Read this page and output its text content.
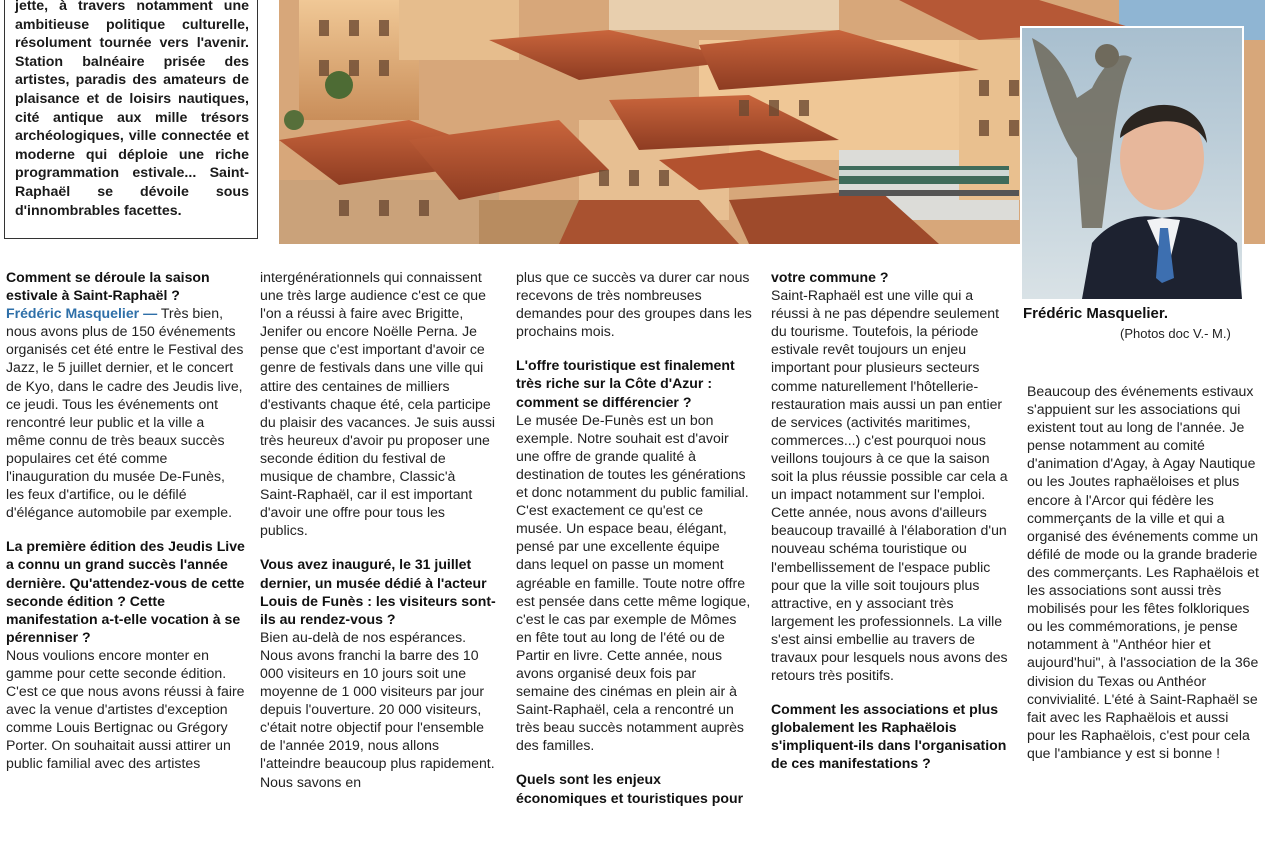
jette, à travers notamment une ambitieuse politique culturelle, résolument tournée vers l'avenir. Station balnéaire prisée des artistes, paradis des amateurs de plaisance et de loisirs nautiques, cité antique aux mille trésors archéologiques, ville connectée et moderne qui déploie une riche programmation estivale... Saint-Raphaël se dévoile sous d'innombrables facettes.

Frédéric Masquelier.
(Photos doc V.- M.)

Comment se déroule la saison estivale à Saint-Raphaël ?

Frédéric Masquelier — Très bien, nous avons plus de 150 événements organisés cet été entre le Festival des Jazz, le 5 juillet dernier, et le concert de Kyo, dans le cadre des Jeudis live, ce jeudi. Tous les événements ont rencontré leur public et la ville a même connu de très beaux succès populaires cet été comme l'inauguration du musée De-Funès, les feux d'artifice, ou le défilé d'élégance automobile par exemple.

La première édition des Jeudis Live a connu un grand succès l'année dernière. Qu'attendez-vous de cette seconde édition ? Cette manifestation a-t-elle vocation à se pérenniser ?

Nous voulions encore monter en gamme pour cette seconde édition. C'est ce que nous avons réussi à faire avec la venue d'artistes d'exception comme Louis Bertignac ou Grégory Porter. On souhaitait aussi attirer un public familial avec des artistes

intergénérationnels qui connaissent une très large audience c'est ce que l'on a réussi à faire avec Brigitte, Jenifer ou encore Noëlle Perna. Je pense que c'est important d'avoir ce genre de festivals dans une ville qui attire des centaines de milliers d'estivants chaque été, cela participe du plaisir des vacances. Je suis aussi très heureux d'avoir pu proposer une seconde édition du festival de musique de chambre, Classic'à Saint-Raphaël, car il est important d'avoir une offre pour tous les publics.

Vous avez inauguré, le 31 juillet dernier, un musée dédié à l'acteur Louis de Funès : les visiteurs sont-ils au rendez-vous ?

Bien au-delà de nos espérances. Nous avons franchi la barre des 10 000 visiteurs en 10 jours soit une moyenne de 1 000 visiteurs par jour depuis l'ouverture. 20 000 visiteurs, c'était notre objectif pour l'ensemble de l'année 2019, nous allons l'atteindre beaucoup plus rapidement. Nous savons en

plus que ce succès va durer car nous recevons de très nombreuses demandes pour des groupes dans les prochains mois.

L'offre touristique est finalement très riche sur la Côte d'Azur : comment se différencier ?

Le musée De-Funès est un bon exemple. Notre souhait est d'avoir une offre de grande qualité à destination de toutes les générations et donc notamment du public familial. C'est exactement ce qu'est ce musée. Un espace beau, élégant, pensé par une excellente équipe dans lequel on passe un moment agréable en famille. Toute notre offre est pensée dans cette même logique, c'est le cas par exemple de Mômes en fête tout au long de l'été ou de Partir en livre. Cette année, nous avons organisé deux fois par semaine des cinémas en plein air à Saint-Raphaël, cela a rencontré un très beau succès notamment auprès des familles.

Quels sont les enjeux économiques et touristiques pour

votre commune ?

Saint-Raphaël est une ville qui a réussi à ne pas dépendre seulement du tourisme. Toutefois, la période estivale revêt toujours un enjeu important pour plusieurs secteurs comme naturellement l'hôtellerie-restauration mais aussi un pan entier de services (activités maritimes, commerces...) c'est pourquoi nous veillons toujours à ce que la saison soit la plus réussie possible car cela a un impact notamment sur l'emploi. Cette année, nous avons d'ailleurs beaucoup travaillé à l'élaboration d'un nouveau schéma touristique ou l'embellissement de l'espace public pour que la ville soit toujours plus attractive, en y associant très largement les professionnels. La ville s'est ainsi embellie au travers de travaux pour lesquels nous avons des retours très positifs.

Comment les associations et plus globalement les Raphaëlois s'impliquent-ils dans l'organisation de ces manifestations ?

Beaucoup des événements estivaux s'appuient sur les associations qui existent tout au long de l'année. Je pense notamment au comité d'animation d'Agay, à Agay Nautique ou les Joutes raphaëloises et plus encore à l'Arcor qui fédère les commerçants de la ville et qui a organisé des événements comme un défilé de mode ou la grande braderie des commerçants. Les Raphaëlois et les associations sont aussi très mobilisés pour les fêtes folkloriques ou les commémorations, je pense notamment à "Anthéor hier et aujourd'hui", à l'association de la 36e division du Texas ou Anthéor convivialité. L'été à Saint-Raphaël se fait avec les Raphaëlois et aussi pour les Raphaëlois, c'est pour cela que l'ambiance y est si bonne !
